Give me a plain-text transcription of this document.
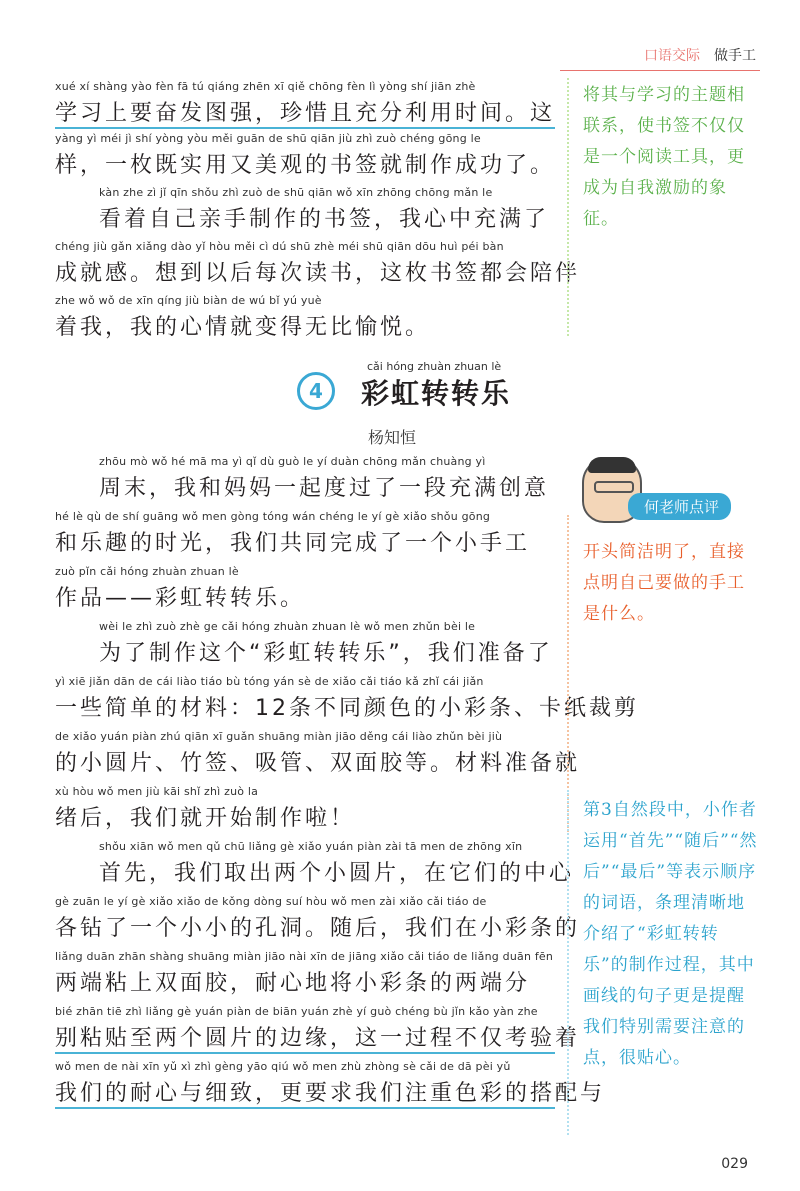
口语交际 做手工
xué xí shàng yào fèn fā tú qiáng zhēn xī qiě chōng fèn lì yòng shí jiān zhè
学习上要奋发图强，珍惜且充分利用时间。这
yàng yì méi jì shí yòng yòu měi guān de shū qiān jiù zhì zuò chéng gōng le
样，一枚既实用又美观的书签就制作成功了。
kàn zhe zì jǐ qīn shǒu zhì zuò de shū qiān wǒ xīn zhōng chōng mǎn le
看着自己亲手制作的书签，我心中充满了
chéng jiù gǎn xiǎng dào yǐ hòu měi cì dú shū zhè méi shū qiān dōu huì péi bàn
成就感。想到以后每次读书，这枚书签都会陪伴
zhe wǒ wǒ de xīn qíng jiù biàn de wú bǐ yú yuè
着我，我的心情就变得无比愉悦。
zhōu mò wǒ hé mā ma yì qǐ dù guò le yí duàn chōng mǎn chuàng yì
周末，我和妈妈一起度过了一段充满创意
hé lè qù de shí guāng wǒ men gòng tóng wán chéng le yí gè xiǎo shǒu gōng
和乐趣的时光，我们共同完成了一个小手工
zuò pǐn cǎi hóng zhuàn zhuan lè
作品——彩虹转转乐。
wèi le zhì zuò zhè ge cǎi hóng zhuàn zhuan lè wǒ men zhǔn bèi le
为了制作这个“彩虹转转乐”，我们准备了
yì xiē jiǎn dān de cái liào tiáo bù tóng yán sè de xiǎo cǎi tiáo kǎ zhǐ cái jiǎn
一些简单的材料：12条不同颜色的小彩条、卡纸裁剪
de xiǎo yuán piàn zhú qiān xī guǎn shuāng miàn jiāo děng cái liào zhǔn bèi jiù
的小圆片、竹签、吸管、双面胶等。材料准备就
xù hòu wǒ men jiù kāi shǐ zhì zuò la
绪后，我们就开始制作啦！
shǒu xiān wǒ men qǔ chū liǎng gè xiǎo yuán piàn zài tā men de zhōng xīn
首先，我们取出两个小圆片，在它们的中心
gè zuān le yí gè xiǎo xiǎo de kǒng dòng suí hòu wǒ men zài xiǎo cǎi tiáo de
各钻了一个小小的孔洞。随后，我们在小彩条的
liǎng duān zhān shàng shuāng miàn jiāo nài xīn de jiāng xiǎo cǎi tiáo de liǎng duān fēn
两端粘上双面胶，耐心地将小彩条的两端分
bié zhān tiē zhì liǎng gè yuán piàn de biān yuán zhè yí guò chéng bù jǐn kǎo yàn zhe
别粘贴至两个圆片的边缘，这一过程不仅考验着
wǒ men de nài xīn yǔ xì zhì gèng yāo qiú wǒ men zhù zhòng sè cǎi de dā pèi yǔ
我们的耐心与细致，更要求我们注重色彩的搭配与
4
cǎi hóng zhuàn zhuan lè
彩虹转转乐
杨知恒
将其与学习的主题相联系，使书签不仅仅是一个阅读工具，更成为自我激励的象征。
何老师点评
开头简洁明了，直接点明自己要做的手工是什么。
第3自然段中，小作者运用“首先”“随后”“然后”“最后”等表示顺序的词语，条理清晰地介绍了“彩虹转转乐”的制作过程，其中画线的句子更是提醒我们特别需要注意的点，很贴心。
029
